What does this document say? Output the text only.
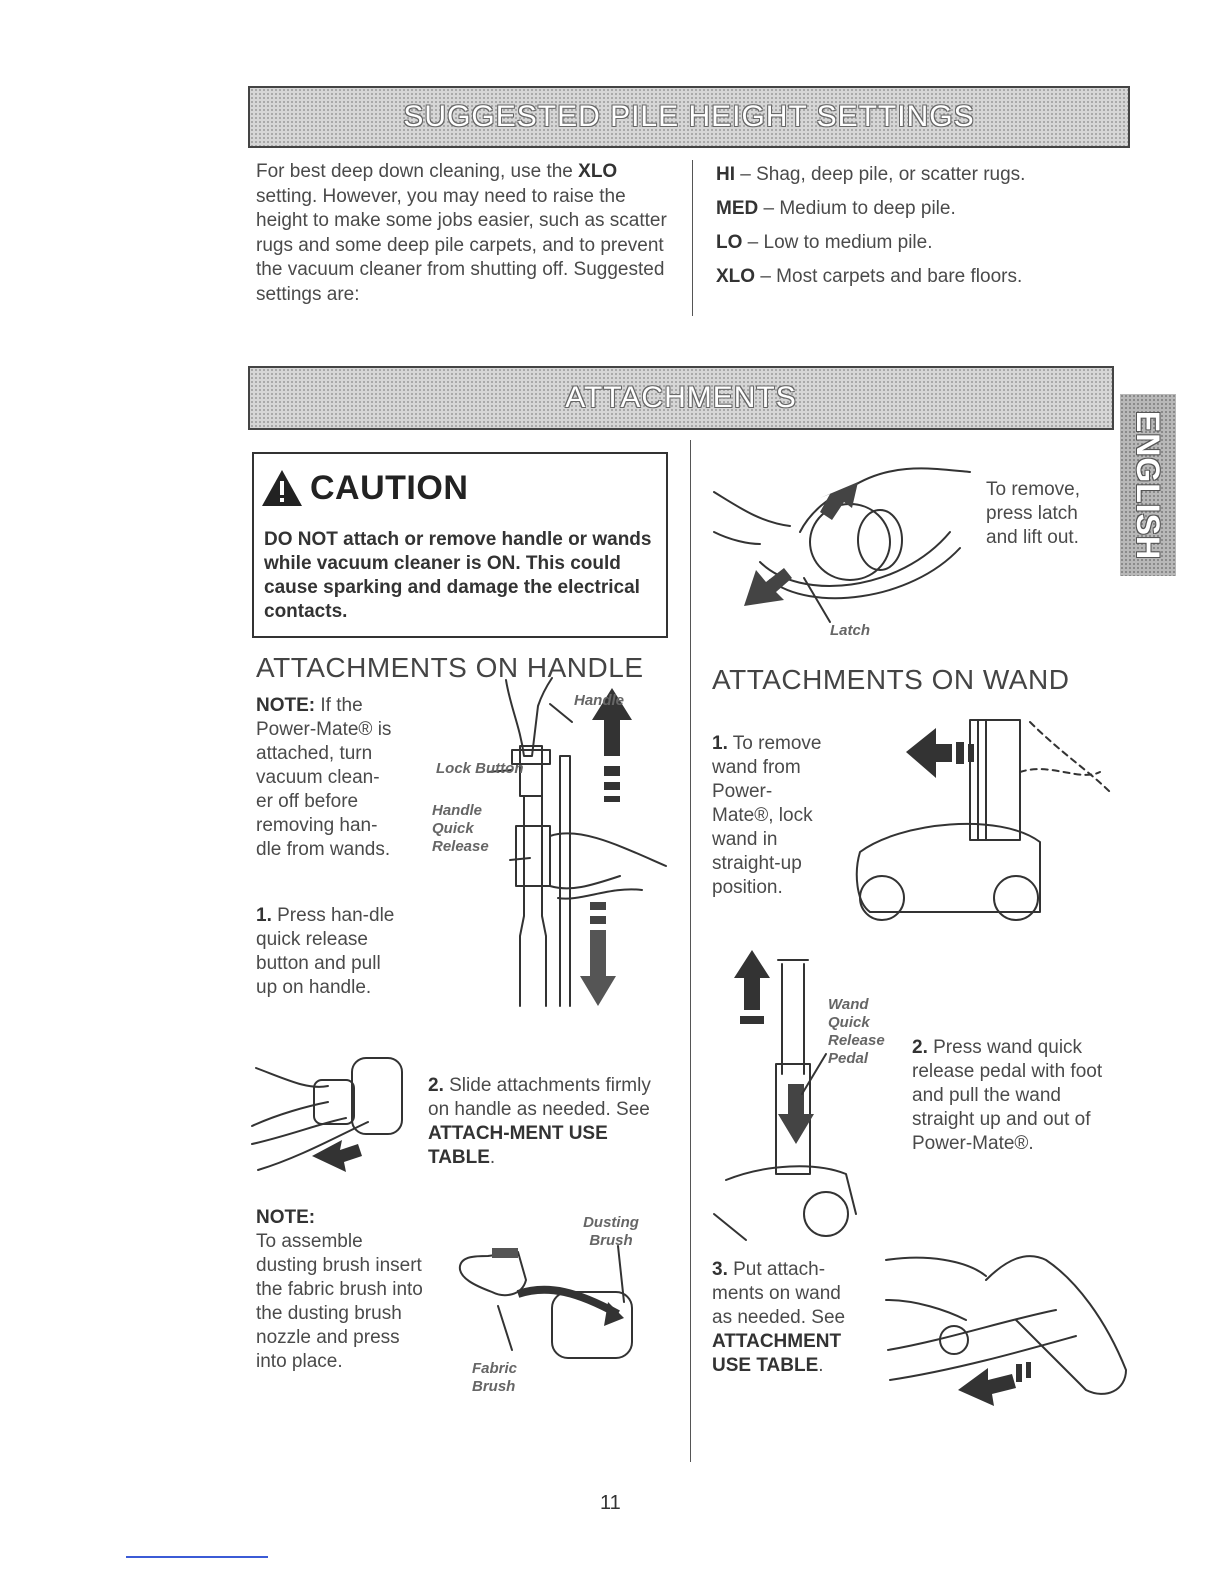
SUGGESTED PILE HEIGHT SETTINGS
For best deep down cleaning, use the XLO setting. However, you may need to raise the height to make some jobs easier, such as scatter rugs and some deep pile carpets, and to prevent the vacuum cleaner from shutting off. Suggested settings are:
HI – Shag, deep pile, or scatter rugs.
MED – Medium to deep pile.
LO – Low to medium pile.
XLO – Most carpets and bare floors.
ATTACHMENTS
ENGLISH
CAUTION
DO NOT attach or remove handle or wands while vacuum cleaner is ON. This could cause sparking and damage the electrical contacts.
ATTACHMENTS ON HANDLE
NOTE: If the Power-Mate® is attached, turn vacuum clean-er off before removing han-dle from wands.
1. Press han-dle quick release button and pull up on handle.
Handle
Lock Button
Handle Quick Release
2. Slide attachments firmly on handle as needed. See ATTACH-MENT USE TABLE.
NOTE:
To assemble dusting brush insert the fabric brush into the dusting brush nozzle and press into place.
Dusting Brush
Fabric Brush
To remove, press latch and lift out.
Latch
ATTACHMENTS ON WAND
1. To remove wand from Power-Mate®, lock wand in straight-up position.
Wand Quick Release Pedal
2. Press wand quick release pedal with foot and pull the wand straight up and out of Power-Mate®.
3. Put attach-ments on wand as needed. See ATTACHMENT USE TABLE.
11
